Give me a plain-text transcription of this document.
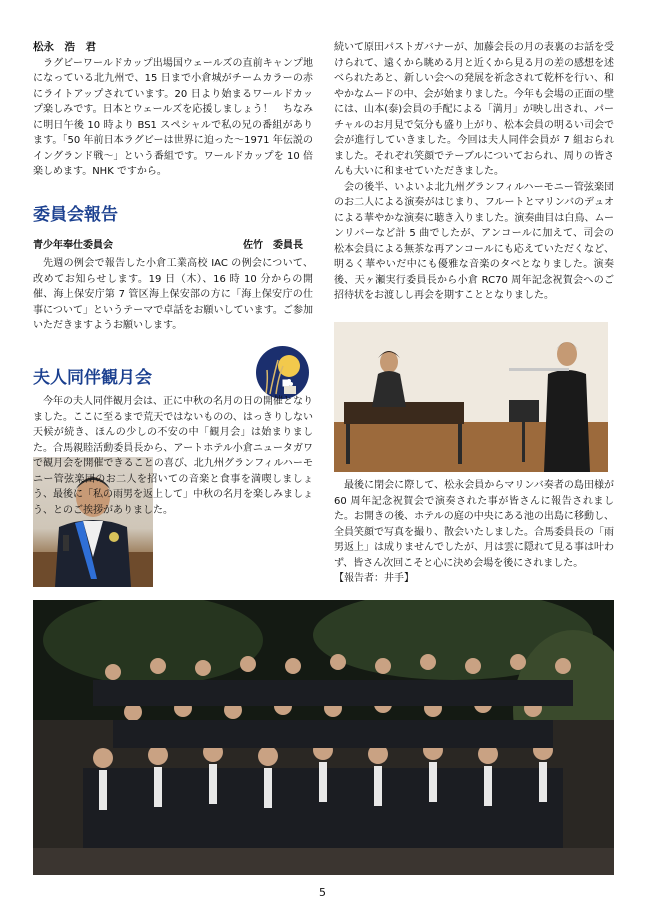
松永　浩　君

ラグビーワールドカップ出場国ウェールズの直前キャンプ地になっている北九州で、15 日まで小倉城がチームカラーの赤にライトアップされています。20 日より始まるワールドカップ楽しみです。日本とウェールズを応援しましょう！　ちなみに明日午後 10 時より BS1 スペシャルで私の兄の番組があります。「50 年前日本ラグビーは世界に迫った～1971 年伝説のイングランド戦～」という番組です。ワールドカップを 10 倍楽しめます。NHK ですから。

委員会報告
青少年奉仕委員会	佐竹　委員長

先週の例会で報告した小倉工業高校 IAC の例会について、改めてお知らせします。19 日（木）、16 時 10 分からの開催、海上保安庁第 7 管区海上保安部の方に「海上保安庁の仕事について」というテーマで卓話をお願いしています。ご参加いただきますようお願いします。

夫人同伴観月会

今年の夫人同伴観月会は、正に中秋の名月の日の開催となりました。ここに至るまで荒天ではないものの、はっきりしない天候が続き、ほんの少しの不安の中「観月会」は始まりました。合馬親睦活動委員長から、アートホテル小倉ニュータガワで観月会を開催できることの喜び、北九州グランフィルハーモニー管弦楽団のお二人を招いての音楽と食事を満喫しましょう、最後に「私の雨男を返上して」中秋の名月を楽しみましょう、とのご挨拶がありました。

続いて原田パストガバナーが、加藤会長の月の表裏のお話を受けられて、遠くから眺める月と近くから見る月の差の感想を述べられたあと、新しい会への発展を祈念されて乾杯を行い、和やかなムードの中、会が始まりました。今年も会場の正面の壁には、山本(泰)会員の手配による「満月」が映し出され、パーチャルのお月見で気分も盛り上がり、松本会員の明るい司会で会が進行していきました。今回は夫人同伴会員が 7 組おられました。それぞれ笑顔でテーブルについておられ、周りの皆さんも大いに和ませていただきました。

会の後半、いよいよ北九州グランフィルハーモニー管弦楽団のお二人による演奏がはじまり、フルートとマリンバのデュオによる華やかな演奏に聴き入りました。演奏曲目は白鳥、ムーンリバーなど計 5 曲でしたが、アンコールに加えて、司会の松本会員による無茶な再アンコールにも応えていただくなど、明るく華やいだ中にも優雅な音楽のタベとなりました。演奏後、天ヶ瀬実行委員長から小倉 RC70 周年記念祝賀会へのご招待状をお渡しし再会を期すこととなりました。

最後に閉会に際して、松永会員からマリンバ奏者の島田様が 60 周年記念祝賀会で演奏された事が皆さんに報告されました。お開きの後、ホテルの庭の中央にある池の出島に移動し、全員笑顔で写真を撮り、散会いたしました。合馬委員長の「雨男返上」は成りませんでしたが、月は雲に隠れて見る事は叶わず、皆さん次回こそと心に決め会場を後にされました。

【報告者：井手】

5
